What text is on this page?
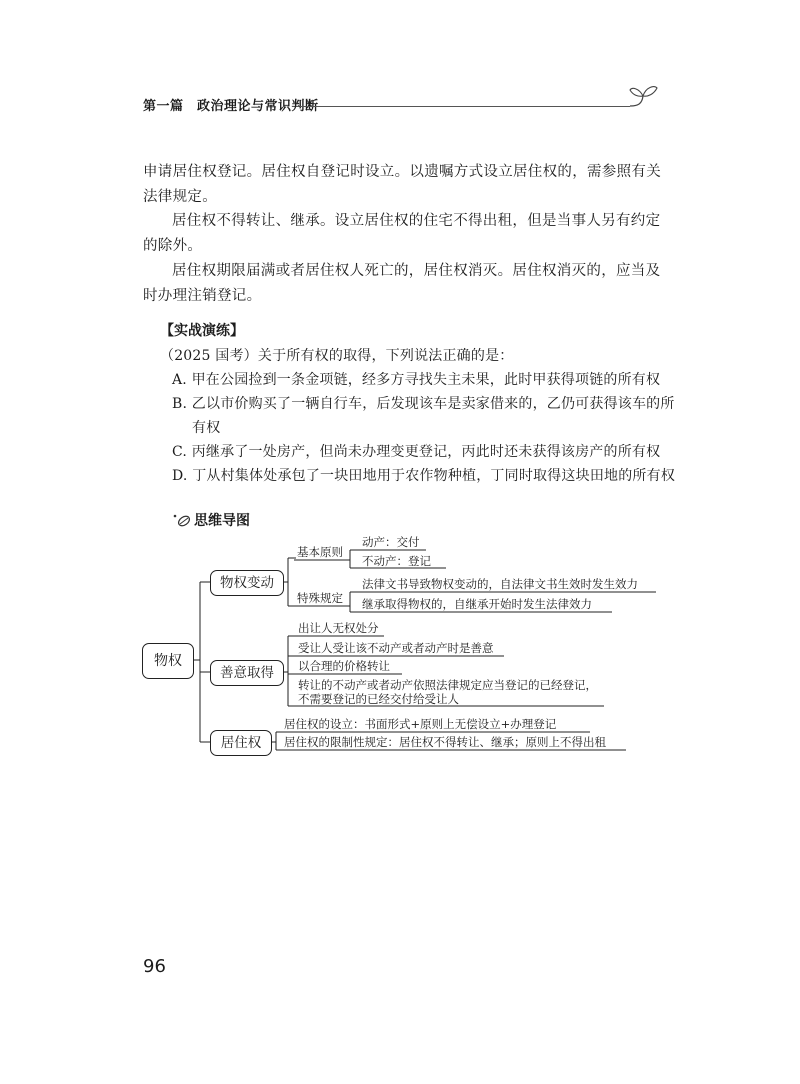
第一篇　政治理论与常识判断
申请居住权登记。居住权自登记时设立。以遗嘱方式设立居住权的，需参照有关法律规定。
居住权不得转让、继承。设立居住权的住宅不得出租，但是当事人另有约定的除外。
居住权期限届满或者居住权人死亡的，居住权消灭。居住权消灭的，应当及时办理注销登记。
【实战演练】
（2025 国考）关于所有权的取得，下列说法正确的是：
A. 甲在公园捡到一条金项链，经多方寻找失主未果，此时甲获得项链的所有权
B. 乙以市价购买了一辆自行车，后发现该车是卖家借来的，乙仍可获得该车的所
有权
C. 丙继承了一处房产，但尚未办理变更登记，丙此时还未获得该房产的所有权
D. 丁从村集体处承包了一块田地用于农作物种植，丁同时取得这块田地的所有权
思维导图
物权
物权变动
善意取得
居住权
基本原则
动产：交付
不动产：登记
特殊规定
法律文书导致物权变动的，自法律文书生效时发生效力
继承取得物权的，自继承开始时发生法律效力
出让人无权处分
受让人受让该不动产或者动产时是善意
以合理的价格转让
转让的不动产或者动产依照法律规定应当登记的已经登记，
不需要登记的已经交付给受让人
居住权的设立：书面形式+原则上无偿设立+办理登记
居住权的限制性规定：居住权不得转让、继承；原则上不得出租
96
